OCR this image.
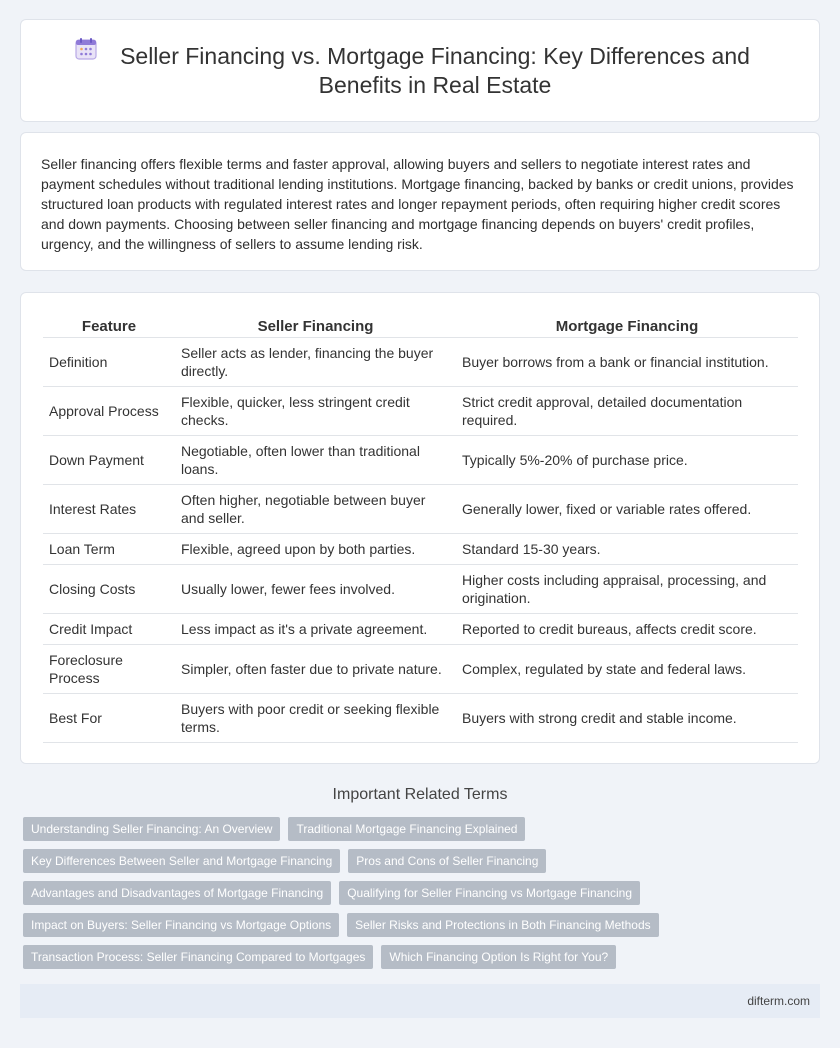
Seller Financing vs. Mortgage Financing: Key Differences and Benefits in Real Estate

Seller financing offers flexible terms and faster approval, allowing buyers and sellers to negotiate interest rates and payment schedules without traditional lending institutions. Mortgage financing, backed by banks or credit unions, provides structured loan products with regulated interest rates and longer repayment periods, often requiring higher credit scores and down payments. Choosing between seller financing and mortgage financing depends on buyers' credit profiles, urgency, and the willingness of sellers to assume lending risk.

Feature	Seller Financing	Mortgage Financing
Definition	Seller acts as lender, financing the buyer directly.	Buyer borrows from a bank or financial institution.
Approval Process	Flexible, quicker, less stringent credit checks.	Strict credit approval, detailed documentation required.
Down Payment	Negotiable, often lower than traditional loans.	Typically 5%-20% of purchase price.
Interest Rates	Often higher, negotiable between buyer and seller.	Generally lower, fixed or variable rates offered.
Loan Term	Flexible, agreed upon by both parties.	Standard 15-30 years.
Closing Costs	Usually lower, fewer fees involved.	Higher costs including appraisal, processing, and origination.
Credit Impact	Less impact as it's a private agreement.	Reported to credit bureaus, affects credit score.
Foreclosure Process	Simpler, often faster due to private nature.	Complex, regulated by state and federal laws.
Best For	Buyers with poor credit or seeking flexible terms.	Buyers with strong credit and stable income.
Important Related Terms
Understanding Seller Financing: An Overview	Traditional Mortgage Financing Explained
Key Differences Between Seller and Mortgage Financing	Pros and Cons of Seller Financing
Advantages and Disadvantages of Mortgage Financing	Qualifying for Seller Financing vs Mortgage Financing
Impact on Buyers: Seller Financing vs Mortgage Options	Seller Risks and Protections in Both Financing Methods
Transaction Process: Seller Financing Compared to Mortgages	Which Financing Option Is Right for You?
difterm.com
